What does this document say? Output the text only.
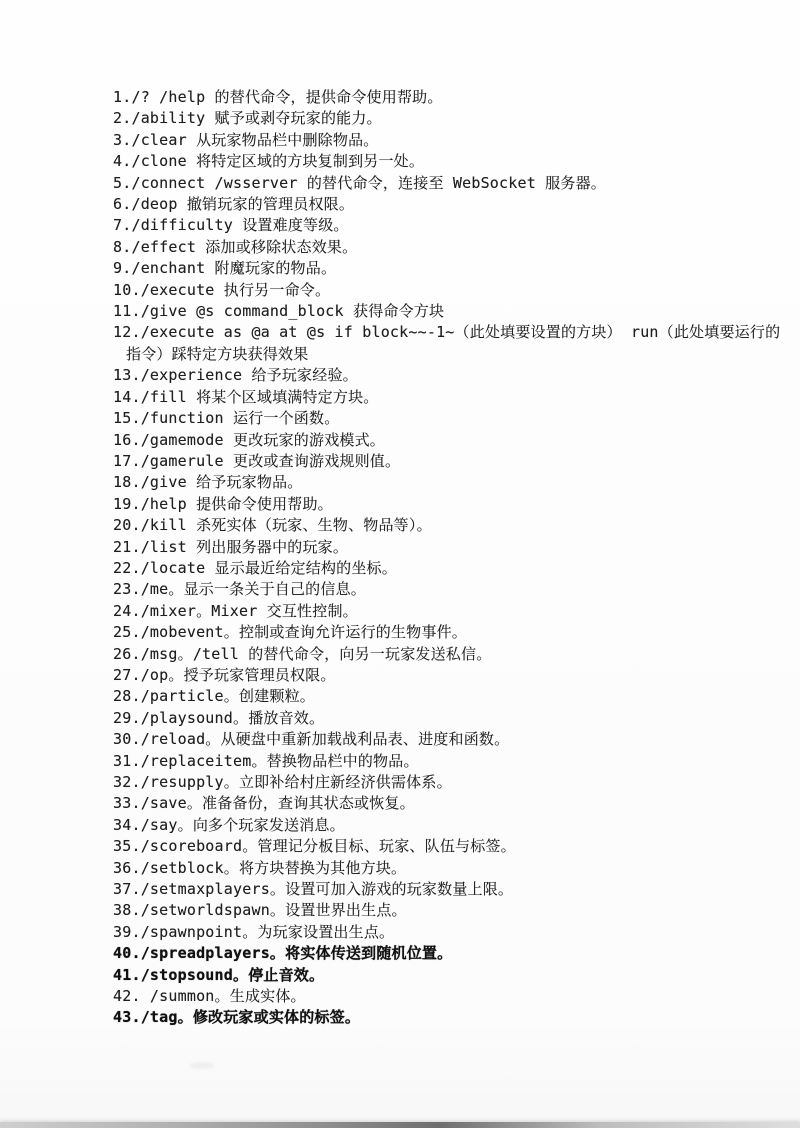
1./? /help 的替代命令，提供命令使用帮助。
2./ability 赋予或剥夺玩家的能力。
3./clear 从玩家物品栏中删除物品。
4./clone 将特定区域的方块复制到另一处。
5./connect /wsserver 的替代命令，连接至 WebSocket 服务器。
6./deop 撤销玩家的管理员权限。
7./difficulty 设置难度等级。
8./effect 添加或移除状态效果。
9./enchant 附魔玩家的物品。
10./execute 执行另一命令。
11./give @s command_block 获得命令方块
12./execute as @a at @s if block~~-1~（此处填要设置的方块） run（此处填要运行的
指令）踩特定方块获得效果
13./experience 给予玩家经验。
14./fill 将某个区域填满特定方块。
15./function 运行一个函数。
16./gamemode 更改玩家的游戏模式。
17./gamerule 更改或查询游戏规则值。
18./give 给予玩家物品。
19./help 提供命令使用帮助。
20./kill 杀死实体（玩家、生物、物品等）。
21./list 列出服务器中的玩家。
22./locate 显示最近给定结构的坐标。
23./me。显示一条关于自己的信息。
24./mixer。Mixer 交互性控制。
25./mobevent。控制或查询允许运行的生物事件。
26./msg。/tell 的替代命令，向另一玩家发送私信。
27./op。授予玩家管理员权限。
28./particle。创建颗粒。
29./playsound。播放音效。
30./reload。从硬盘中重新加载战利品表、进度和函数。
31./replaceitem。替换物品栏中的物品。
32./resupply。立即补给村庄新经济供需体系。
33./save。准备备份，查询其状态或恢复。
34./say。向多个玩家发送消息。
35./scoreboard。管理记分板目标、玩家、队伍与标签。
36./setblock。将方块替换为其他方块。
37./setmaxplayers。设置可加入游戏的玩家数量上限。
38./setworldspawn。设置世界出生点。
39./spawnpoint。为玩家设置出生点。
40./spreadplayers。将实体传送到随机位置。
41./stopsound。停止音效。
42. /summon。生成实体。
43./tag。修改玩家或实体的标签。
